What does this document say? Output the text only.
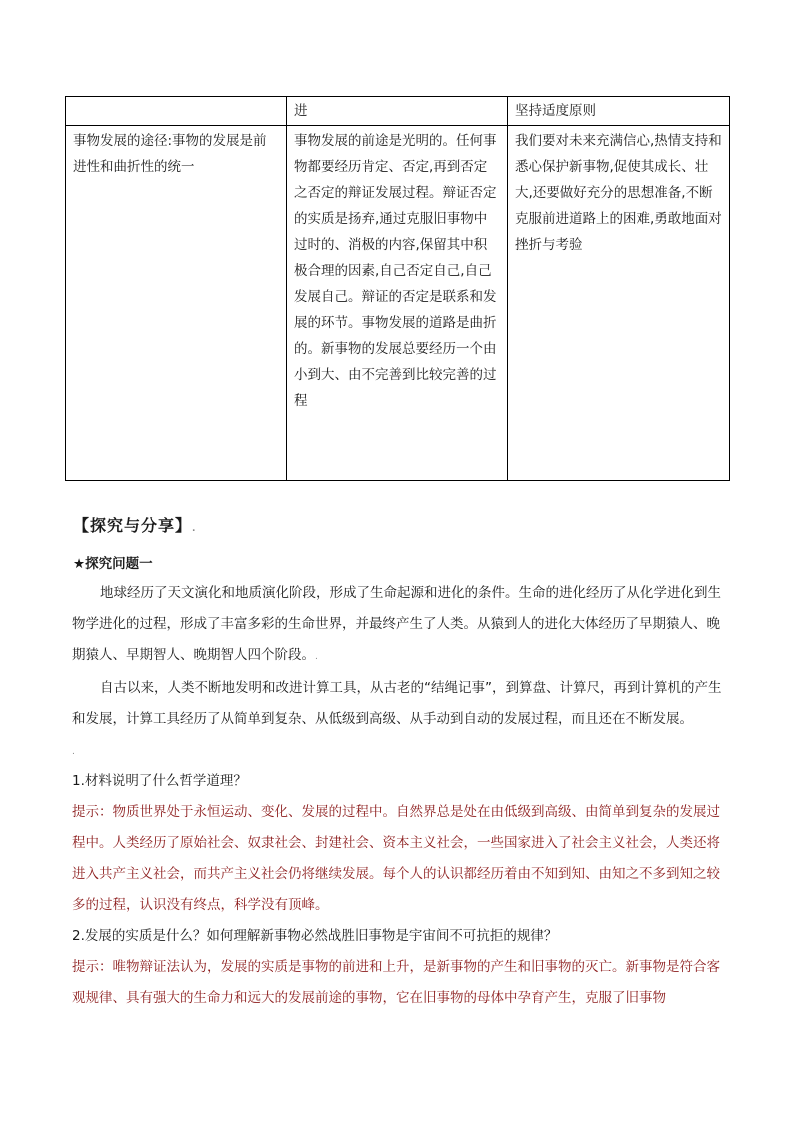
	进	坚持适度原则
事物发展的途径:事物的发展是前进性和曲折性的统一	事物发展的前途是光明的。任何事物都要经历肯定、否定,再到否定之否定的辩证发展过程。辩证否定的实质是扬弃,通过克服旧事物中过时的、消极的内容,保留其中积极合理的因素,自己否定自己,自己发展自己。辩证的否定是联系和发展的环节。事物发展的道路是曲折的。新事物的发展总要经历一个由小到大、由不完善到比较完善的过程	我们要对未来充满信心,热情支持和悉心保护新事物,促使其成长、壮大,还要做好充分的思想准备,不断克服前进道路上的困难,勇敢地面对挫折与考验
【探究与分享】.
★探究问题一

地球经历了天文演化和地质演化阶段，形成了生命起源和进化的条件。生命的进化经历了从化学进化到生物学进化的过程，形成了丰富多彩的生命世界，并最终产生了人类。从猿到人的进化大体经历了早期猿人、晚期猿人、早期智人、晚期智人四个阶段。.

自古以来，人类不断地发明和改进计算工具，从古老的“结绳记事”，到算盘、计算尺，再到计算机的产生和发展，计算工具经历了从简单到复杂、从低级到高级、从手动到自动的发展过程，而且还在不断发展。

.

1.材料说明了什么哲学道理？

提示：物质世界处于永恒运动、变化、发展的过程中。自然界总是处在由低级到高级、由简单到复杂的发展过程中。人类经历了原始社会、奴隶社会、封建社会、资本主义社会，一些国家进入了社会主义社会，人类还将进入共产主义社会，而共产主义社会仍将继续发展。每个人的认识都经历着由不知到知、由知之不多到知之较多的过程，认识没有终点，科学没有顶峰。

2.发展的实质是什么？如何理解新事物必然战胜旧事物是宇宙间不可抗拒的规律？

提示：唯物辩证法认为，发展的实质是事物的前进和上升，是新事物的产生和旧事物的灭亡。新事物是符合客观规律、具有强大的生命力和远大的发展前途的事物，它在旧事物的母体中孕育产生，克服了旧事物
